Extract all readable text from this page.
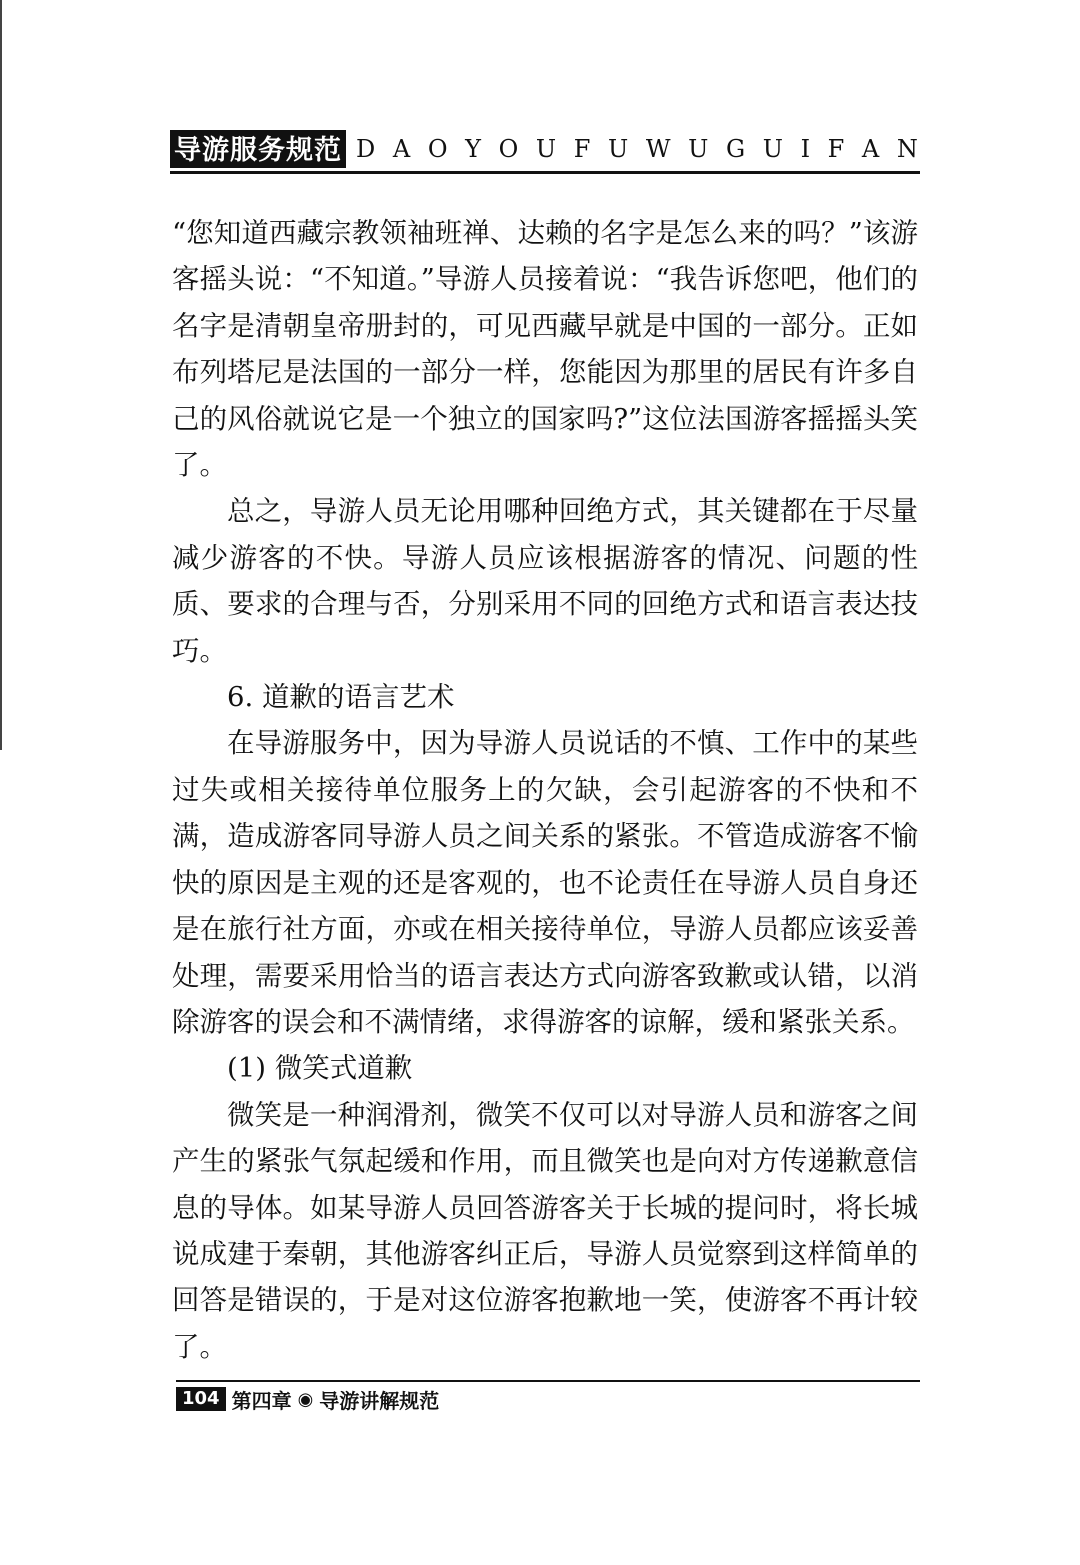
导游服务规范 D A O Y O U F U W U G U I F A N

“您知道西藏宗教领袖班禅、达赖的名字是怎么来的吗？”该游客摇头说：“不知道。”导游人员接着说：“我告诉您吧，他们的名字是清朝皇帝册封的，可见西藏早就是中国的一部分。正如布列塔尼是法国的一部分一样，您能因为那里的居民有许多自己的风俗就说它是一个独立的国家吗?”这位法国游客摇摇头笑了。

总之，导游人员无论用哪种回绝方式，其关键都在于尽量减少游客的不快。导游人员应该根据游客的情况、问题的性质、要求的合理与否，分别采用不同的回绝方式和语言表达技巧。

6. 道歉的语言艺术

在导游服务中，因为导游人员说话的不慎、工作中的某些过失或相关接待单位服务上的欠缺，会引起游客的不快和不满，造成游客同导游人员之间关系的紧张。不管造成游客不愉快的原因是主观的还是客观的，也不论责任在导游人员自身还是在旅行社方面，亦或在相关接待单位，导游人员都应该妥善处理，需要采用恰当的语言表达方式向游客致歉或认错，以消除游客的误会和不满情绪，求得游客的谅解，缓和紧张关系。

(1) 微笑式道歉

微笑是一种润滑剂，微笑不仅可以对导游人员和游客之间产生的紧张气氛起缓和作用，而且微笑也是向对方传递歉意信息的导体。如某导游人员回答游客关于长城的提问时，将长城说成建于秦朝，其他游客纠正后，导游人员觉察到这样简单的回答是错误的，于是对这位游客抱歉地一笑，使游客不再计较了。

104 第四章 ◉ 导游讲解规范
